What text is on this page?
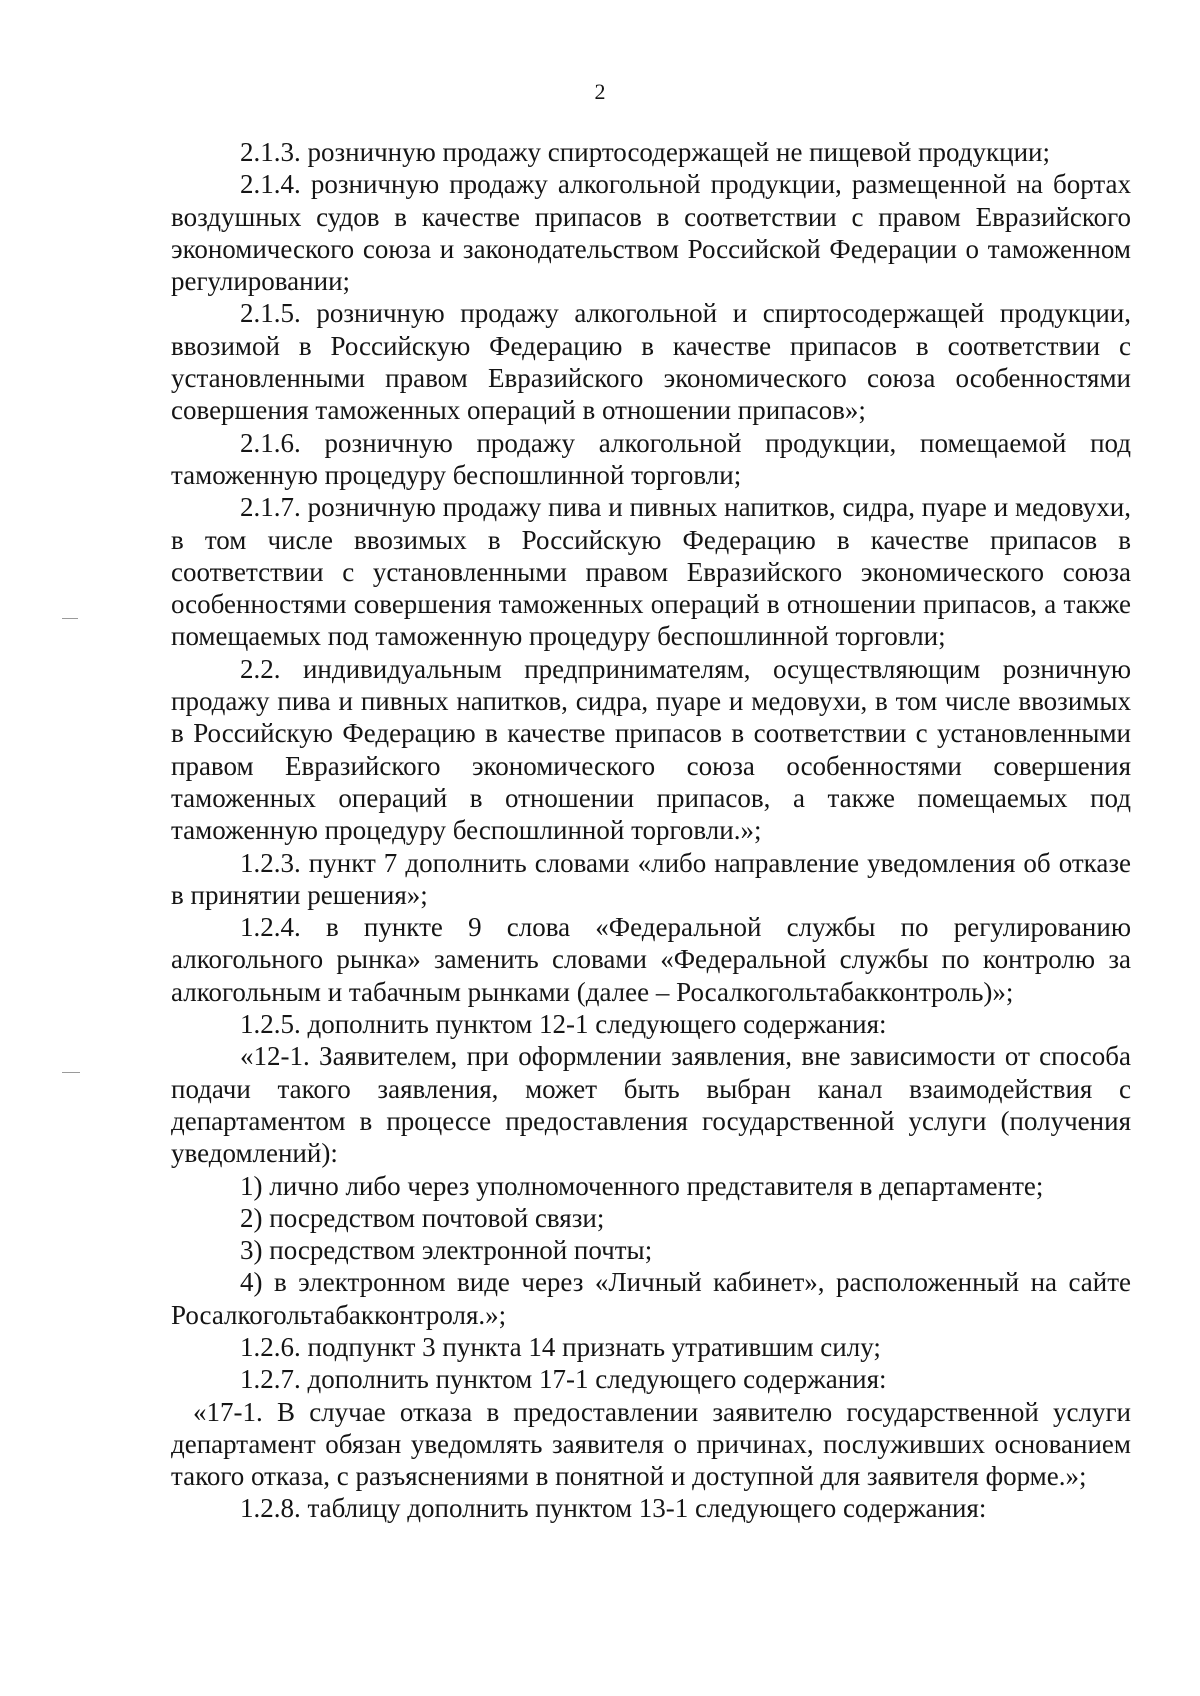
2

2.1.3. розничную продажу спиртосодержащей не пищевой продукции;

2.1.4. розничную продажу алкогольной продукции, размещенной на бортах воздушных судов в качестве припасов в соответствии с правом Евразийского экономического союза и законодательством Российской Федерации о таможенном регулировании;

2.1.5. розничную продажу алкогольной и спиртосодержащей продукции, ввозимой в Российскую Федерацию в качестве припасов в соответствии с установленными правом Евразийского экономического союза особенностями совершения таможенных операций в отношении припасов»;

2.1.6. розничную продажу алкогольной продукции, помещаемой под таможенную процедуру беспошлинной торговли;

2.1.7. розничную продажу пива и пивных напитков, сидра, пуаре и медовухи, в том числе ввозимых в Российскую Федерацию в качестве припасов в соответствии с установленными правом Евразийского экономического союза особенностями совершения таможенных операций в отношении припасов, а также помещаемых под таможенную процедуру беспошлинной торговли;

2.2. индивидуальным предпринимателям, осуществляющим розничную продажу пива и пивных напитков, сидра, пуаре и медовухи, в том числе ввозимых в Российскую Федерацию в качестве припасов в соответствии с установленными правом Евразийского экономического союза особенностями совершения таможенных операций в отношении припасов, а также помещаемых под таможенную процедуру беспошлинной торговли.»;

1.2.3. пункт 7 дополнить словами «либо направление уведомления об отказе в принятии решения»;

1.2.4. в пункте 9 слова «Федеральной службы по регулированию алкогольного рынка» заменить словами «Федеральной службы по контролю за алкогольным и табачным рынками (далее – Росалкогольтабакконтроль)»;

1.2.5. дополнить пунктом 12-1 следующего содержания:

«12-1. Заявителем, при оформлении заявления, вне зависимости от способа подачи такого заявления, может быть выбран канал взаимодействия с департаментом в процессе предоставления государственной услуги (получения уведомлений):

1) лично либо через уполномоченного представителя в департаменте;

2) посредством почтовой связи;

3) посредством электронной почты;

4) в электронном виде через «Личный кабинет», расположенный на сайте Росалкогольтабакконтроля.»;

1.2.6. подпункт 3 пункта 14 признать утратившим силу;

1.2.7. дополнить пунктом 17-1 следующего содержания:

«17-1. В случае отказа в предоставлении заявителю государственной услуги департамент обязан уведомлять заявителя о причинах, послуживших основанием такого отказа, с разъяснениями в понятной и доступной для заявителя форме.»;

1.2.8. таблицу дополнить пунктом 13-1 следующего содержания:
